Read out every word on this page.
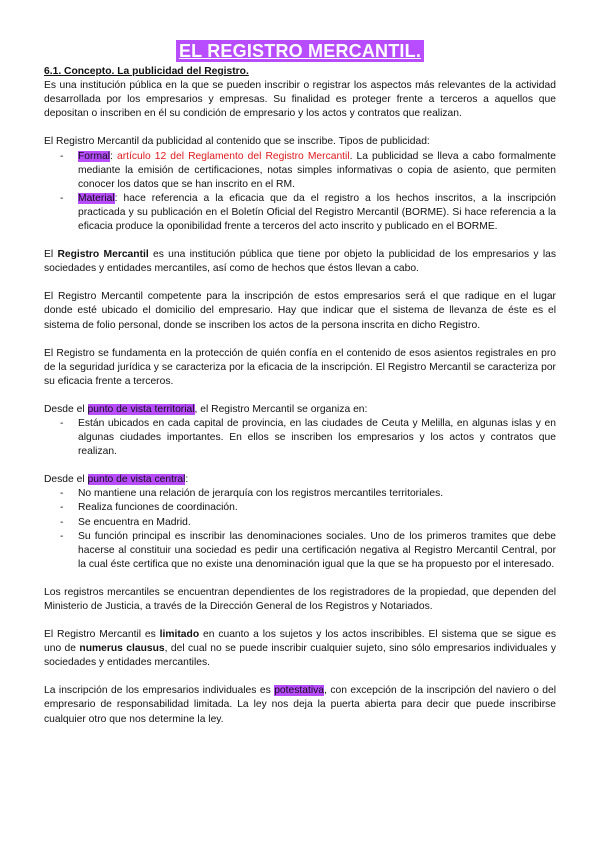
EL REGISTRO MERCANTIL.

6.1. Concepto. La publicidad del Registro.

Es una institución pública en la que se pueden inscribir o registrar los aspectos más relevantes de la actividad desarrollada por los empresarios y empresas. Su finalidad es proteger frente a terceros a aquellos que depositan o inscriben en él su condición de empresario y los actos y contratos que realizan.

El Registro Mercantil da publicidad al contenido que se inscribe. Tipos de publicidad:

- Formal: artículo 12 del Reglamento del Registro Mercantil. La publicidad se lleva a cabo formalmente mediante la emisión de certificaciones, notas simples informativas o copia de asiento, que permiten conocer los datos que se han inscrito en el RM.
- Material: hace referencia a la eficacia que da el registro a los hechos inscritos, a la inscripción practicada y su publicación en el Boletín Oficial del Registro Mercantil (BORME). Si hace referencia a la eficacia produce la oponibilidad frente a terceros del acto inscrito y publicado en el BORME.

El Registro Mercantil es una institución pública que tiene por objeto la publicidad de los empresarios y las sociedades y entidades mercantiles, así como de hechos que éstos llevan a cabo.

El Registro Mercantil competente para la inscripción de estos empresarios será el que radique en el lugar donde esté ubicado el domicilio del empresario. Hay que indicar que el sistema de llevanza de éste es el sistema de folio personal, donde se inscriben los actos de la persona inscrita en dicho Registro.

El Registro se fundamenta en la protección de quién confía en el contenido de esos asientos registrales en pro de la seguridad jurídica y se caracteriza por la eficacia de la inscripción. El Registro Mercantil se caracteriza por su eficacia frente a terceros.

Desde el punto de vista territorial, el Registro Mercantil se organiza en:

- Están ubicados en cada capital de provincia, en las ciudades de Ceuta y Melilla, en algunas islas y en algunas ciudades importantes. En ellos se inscriben los empresarios y los actos y contratos que realizan.

Desde el punto de vista central:

- No mantiene una relación de jerarquía con los registros mercantiles territoriales.
- Realiza funciones de coordinación.
- Se encuentra en Madrid.
- Su función principal es inscribir las denominaciones sociales. Uno de los primeros tramites que debe hacerse al constituir una sociedad es pedir una certificación negativa al Registro Mercantil Central, por la cual éste certifica que no existe una denominación igual que la que se ha propuesto por el interesado.

Los registros mercantiles se encuentran dependientes de los registradores de la propiedad, que dependen del Ministerio de Justicia, a través de la Dirección General de los Registros y Notariados.

El Registro Mercantil es limitado en cuanto a los sujetos y los actos inscribibles. El sistema que se sigue es uno de numerus clausus, del cual no se puede inscribir cualquier sujeto, sino sólo empresarios individuales y sociedades y entidades mercantiles.

La inscripción de los empresarios individuales es potestativa, con excepción de la inscripción del naviero o del empresario de responsabilidad limitada. La ley nos deja la puerta abierta para decir que puede inscribirse cualquier otro que nos determine la ley.
